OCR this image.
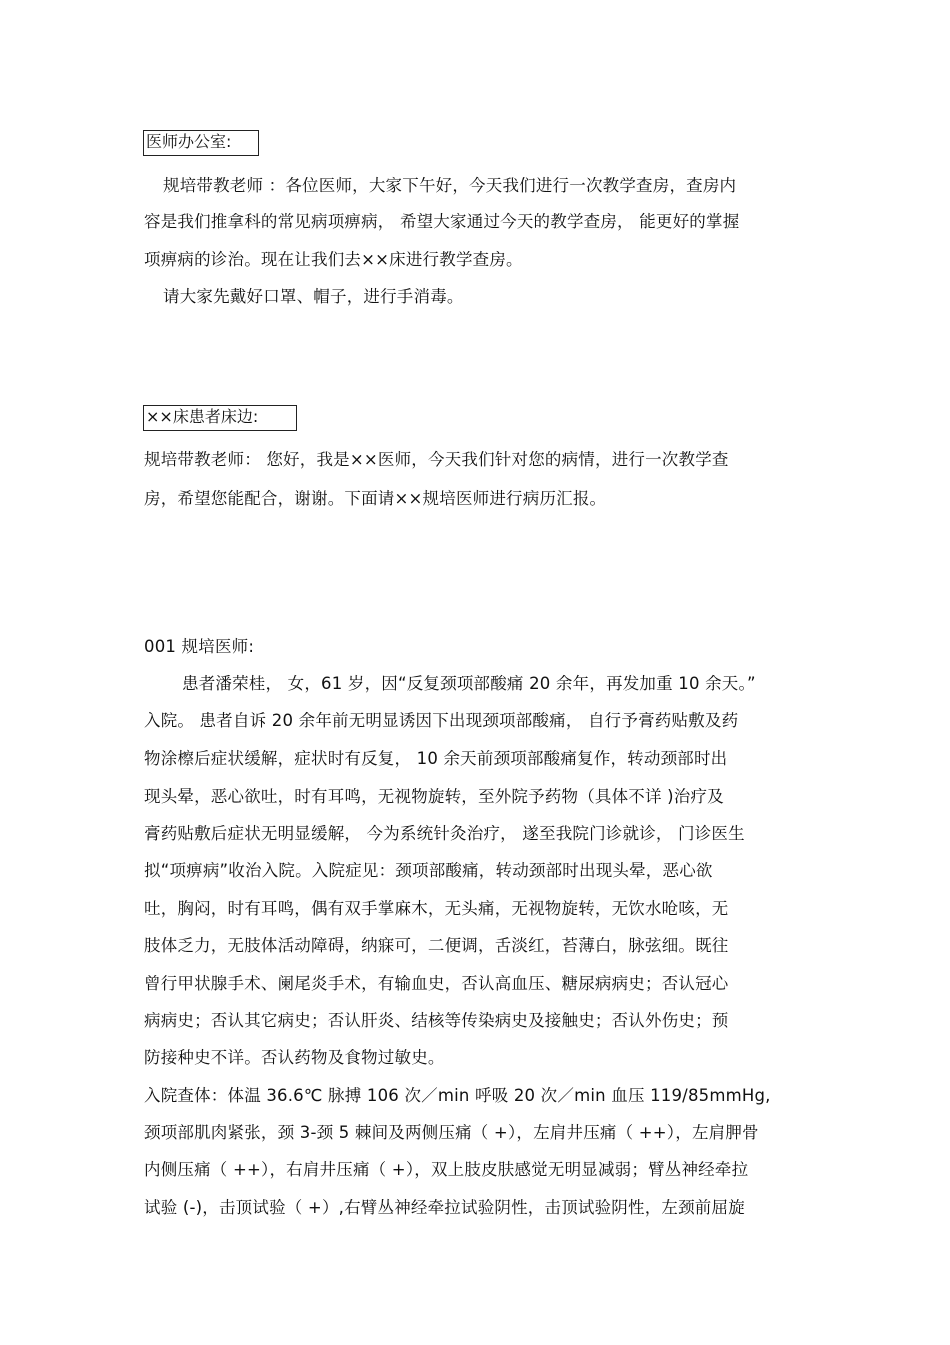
医师办公室:
规培带教老师 ：各位医师，大家下午好，今天我们进行一次教学查房，查房内
容是我们推拿科的常见病项痹病， 希望大家通过今天的教学查房， 能更好的掌握
项痹病的诊治。现在让我们去××床进行教学查房。
请大家先戴好口罩、帽子，进行手消毒。
××床患者床边:
规培带教老师： 您好，我是××医师，今天我们针对您的病情，进行一次教学查
房，希望您能配合，谢谢。下面请××规培医师进行病历汇报。
001 规培医师:
患者潘荣桂， 女，61 岁，因“反复颈项部酸痛 20 余年，再发加重 10 余天。”
入院。 患者自诉 20 余年前无明显诱因下出现颈项部酸痛， 自行予膏药贴敷及药
物涂檫后症状缓解，症状时有反复， 10 余天前颈项部酸痛复作，转动颈部时出
现头晕，恶心欲吐，时有耳鸣，无视物旋转，至外院予药物（具体不详 )治疗及
膏药贴敷后症状无明显缓解， 今为系统针灸治疗， 遂至我院门诊就诊， 门诊医生
拟“项痹病”收治入院。入院症见：颈项部酸痛，转动颈部时出现头晕，恶心欲
吐，胸闷，时有耳鸣，偶有双手掌麻木，无头痛，无视物旋转，无饮水呛咳，无
肢体乏力，无肢体活动障碍，纳寐可，二便调，舌淡红，苔薄白，脉弦细。既往
曾行甲状腺手术、阑尾炎手术，有输血史，否认高血压、糖尿病病史；否认冠心
病病史；否认其它病史；否认肝炎、结核等传染病史及接触史；否认外伤史；预
防接种史不详。否认药物及食物过敏史。
入院查体：体温 36.6℃ 脉搏 106 次／min 呼吸 20 次／min 血压 119/85mmHg,
颈项部肌肉紧张，颈 3-颈 5 棘间及两侧压痛（ +），左肩井压痛（ ++），左肩胛骨
内侧压痛（ ++），右肩井压痛（ +），双上肢皮肤感觉无明显减弱；臂丛神经牵拉
试验 (-)，击顶试验（ +）,右臂丛神经牵拉试验阴性，击顶试验阴性，左颈前屈旋
